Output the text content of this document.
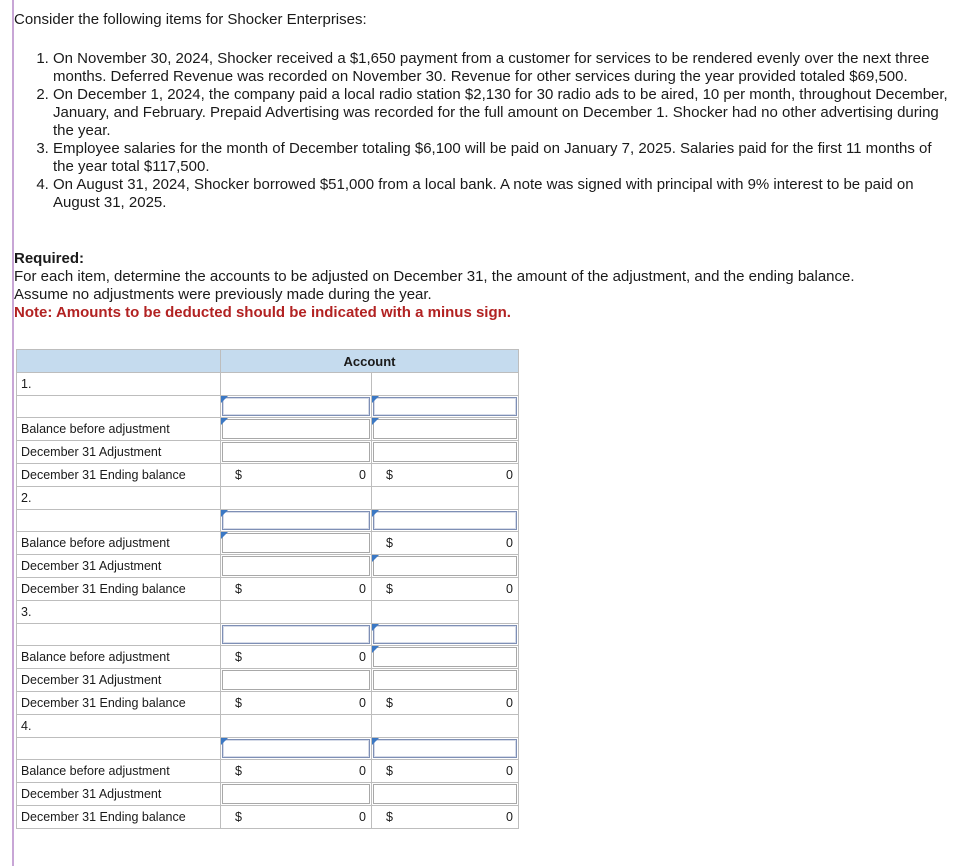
Consider the following items for Shocker Enterprises:
1. On November 30, 2024, Shocker received a $1,650 payment from a customer for services to be rendered evenly over the next three months. Deferred Revenue was recorded on November 30. Revenue for other services during the year provided totaled $69,500.
2. On December 1, 2024, the company paid a local radio station $2,130 for 30 radio ads to be aired, 10 per month, throughout December, January, and February. Prepaid Advertising was recorded for the full amount on December 1. Shocker had no other advertising during the year.
3. Employee salaries for the month of December totaling $6,100 will be paid on January 7, 2025. Salaries paid for the first 11 months of the year total $117,500.
4. On August 31, 2024, Shocker borrowed $51,000 from a local bank. A note was signed with principal with 9% interest to be paid on August 31, 2025.
Required:
For each item, determine the accounts to be adjusted on December 31, the amount of the adjustment, and the ending balance.
Assume no adjustments were previously made during the year.
Note: Amounts to be deducted should be indicated with a minus sign.
	Account	
1.		

Balance before adjustment	

December 31 Adjustment	

December 31 Ending balance	$ 0	$ 0

2.		

Balance before adjustment		$ 0

December 31 Adjustment	

December 31 Ending balance	$ 0	$ 0

3.		

Balance before adjustment	$ 0	

December 31 Adjustment	

December 31 Ending balance	$ 0	$ 0

4.		

Balance before adjustment	$ 0	$ 0

December 31 Adjustment	

December 31 Ending balance	$ 0	$ 0
